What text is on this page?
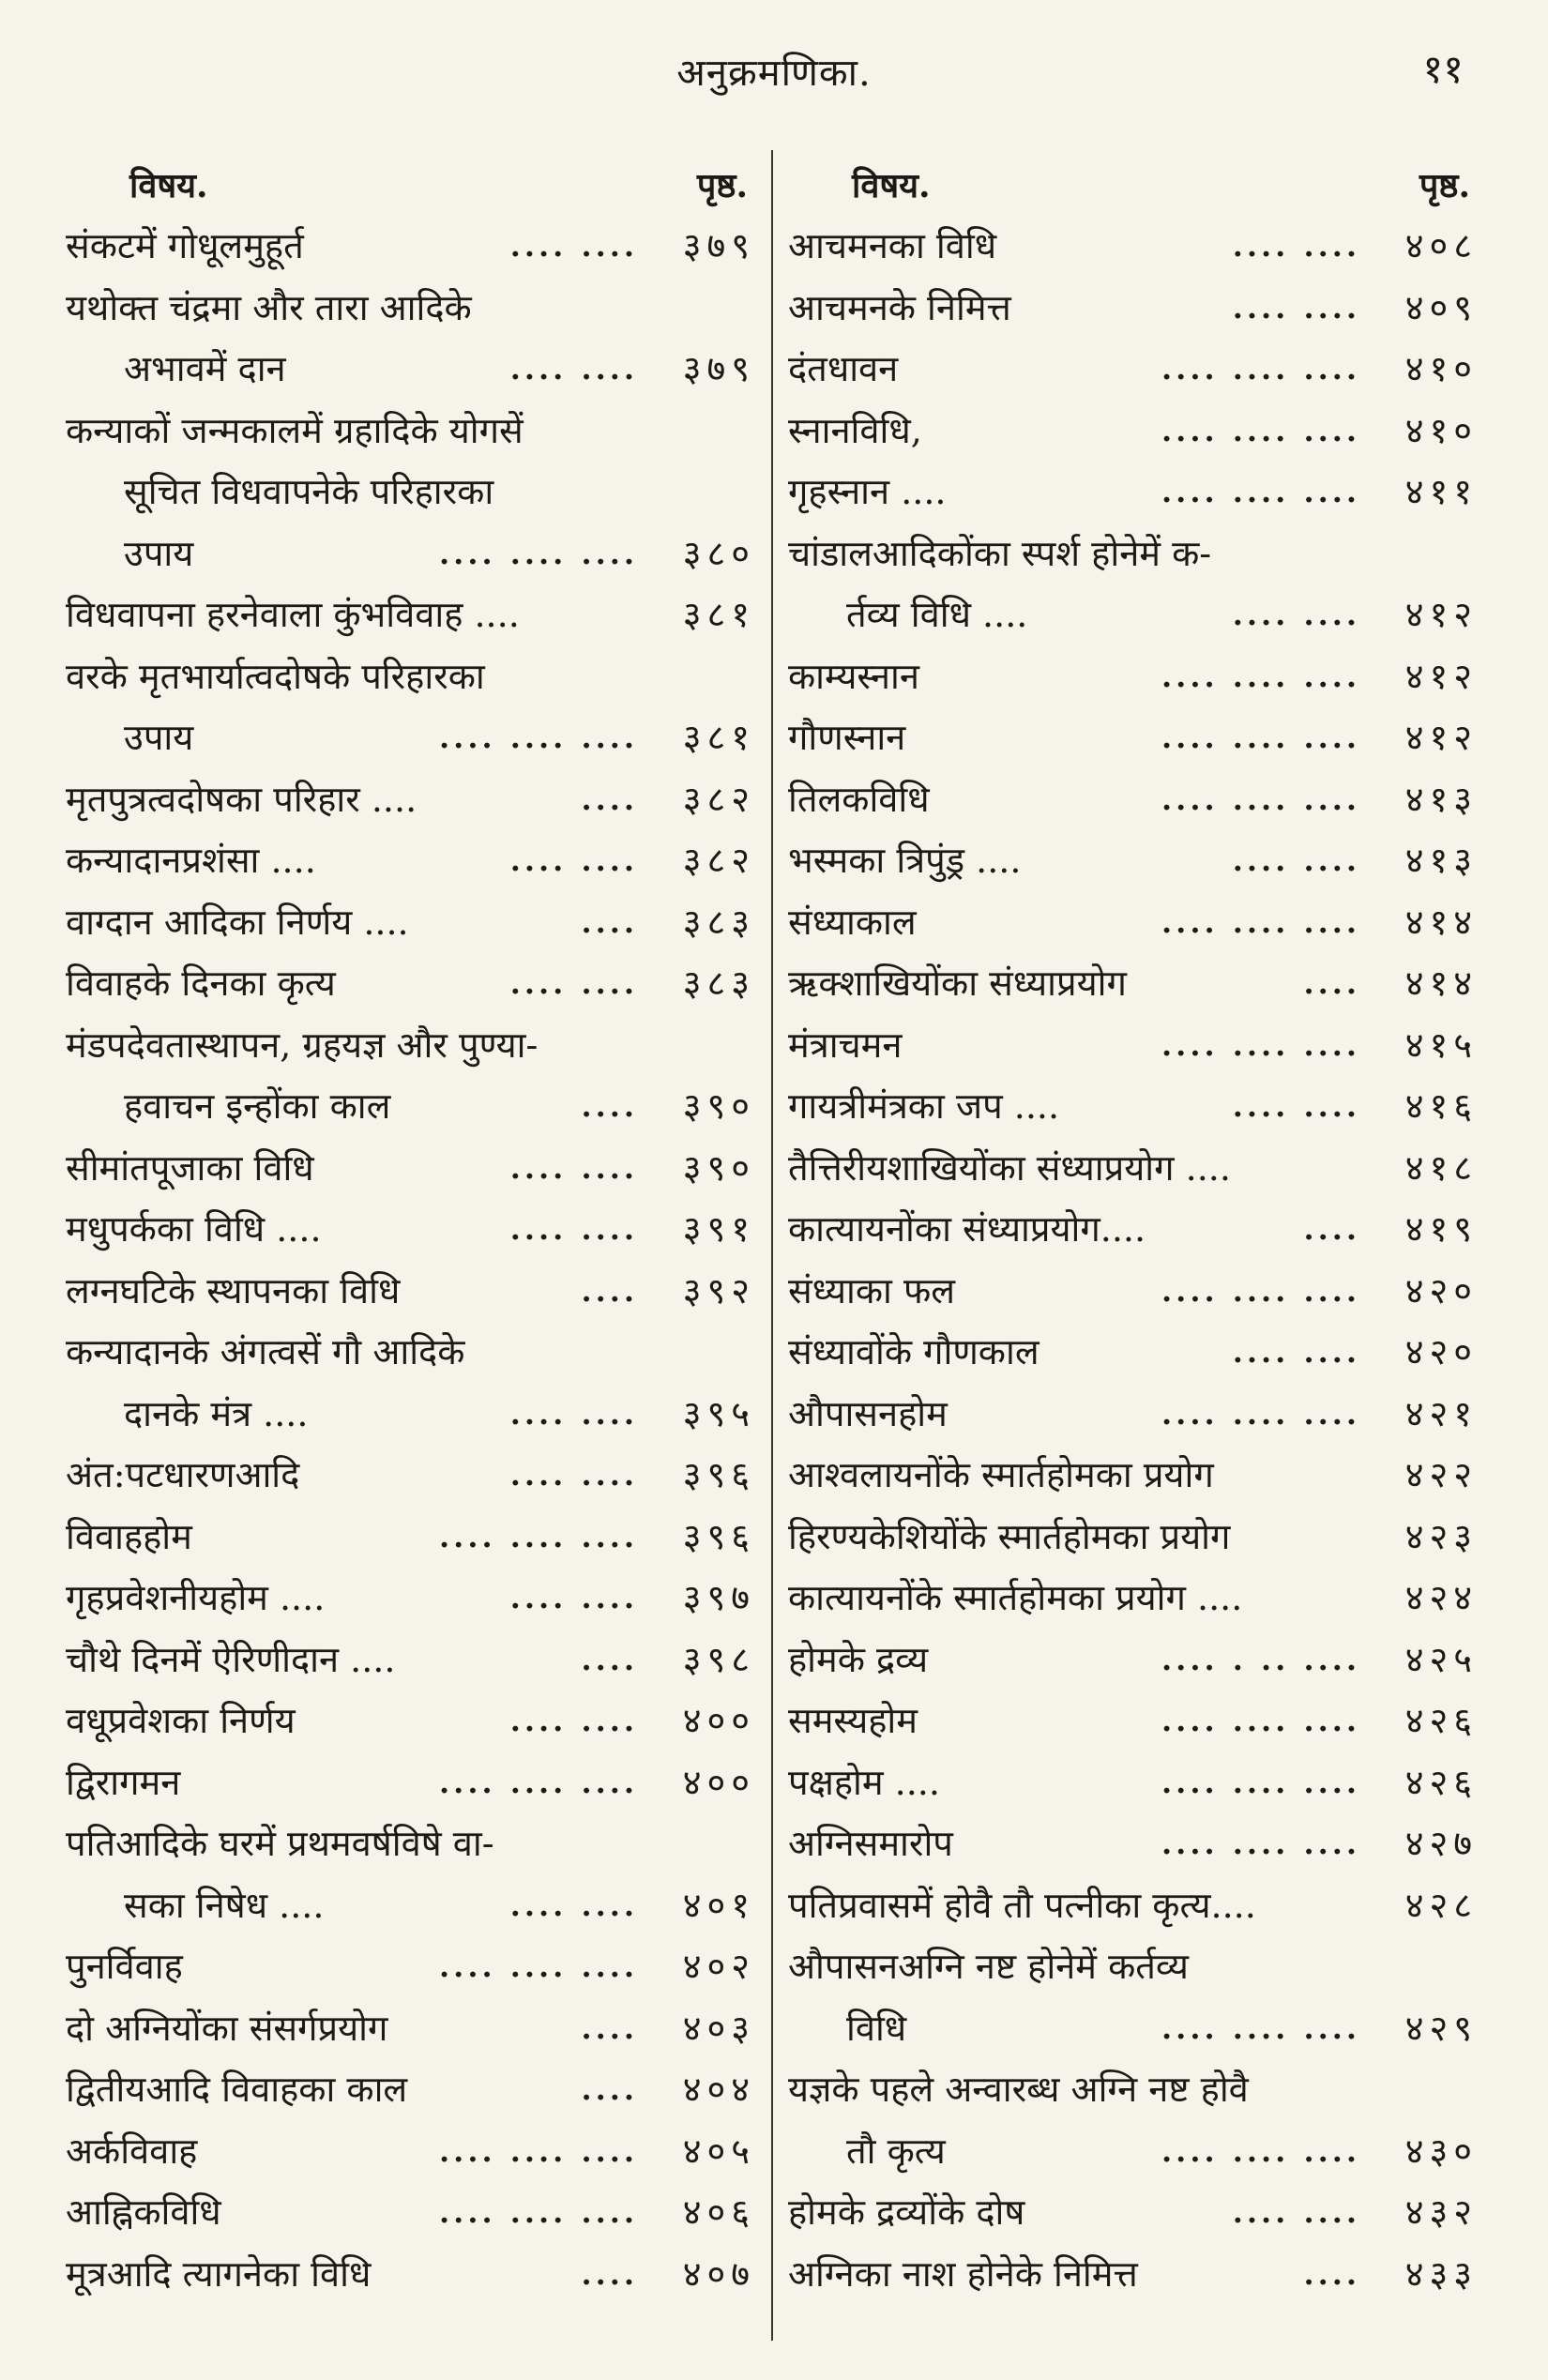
अनुक्रमणिका.	११
विषय.	पृष्ठ.
संकटमें गोधूलमुहूर्त	.... ....	३७९
यथोक्त चंद्रमा और तारा आदिके
अभावमें दान	.... ....	३७९
कन्याकों जन्मकालमें ग्रहादिके योगसें
सूचित विधवापनेके परिहारका
उपाय	.... .... ....	३८०
विधवापना हरनेवाला कुंभविवाह ....	३८१
वरके मृतभार्यात्वदोषके परिहारका
उपाय	.... .... ....	३८१
मृतपुत्रत्वदोषका परिहार ....	....	३८२
कन्यादानप्रशंसा ....	.... ....	३८२
वाग्दान आदिका निर्णय ....	....	३८३
विवाहके दिनका कृत्य	.... ....	३८३
मंडपदेवतास्थापन, ग्रहयज्ञ और पुण्या-
हवाचन इन्होंका काल	....	३९०
सीमांतपूजाका विधि	.... ....	३९०
मधुपर्कका विधि ....	.... ....	३९१
लग्नघटिके स्थापनका विधि	....	३९२
कन्यादानके अंगत्वसें गौ आदिके
दानके मंत्र ....	.... ....	३९५
अंत:पटधारणआदि	.... ....	३९६
विवाहहोम	.... .... ....	३९६
गृहप्रवेशनीयहोम ....	.... ....	३९७
चौथे दिनमें ऐरिणीदान ....	....	३९८
वधूप्रवेशका निर्णय	.... ....	४००
द्विरागमन	.... .... ....	४००
पतिआदिके घरमें प्रथमवर्षविषे वा-
सका निषेध ....	.... ....	४०१
पुनर्विवाह	.... .... ....	४०२
दो अग्नियोंका संसर्गप्रयोग	....	४०३
द्वितीयआदि विवाहका काल	....	४०४
अर्कविवाह	.... .... ....	४०५
आह्निकविधि	.... .... ....	४०६
मूत्रआदि त्यागनेका विधि	....	४०७
विषय.	पृष्ठ.
आचमनका विधि	.... ....	४०८
आचमनके निमित्त	.... ....	४०९
दंतधावन	.... .... ....	४१०
स्नानविधि,	.... .... ....	४१०
गृहस्नान ....	.... .... ....	४११
चांडालआदिकोंका स्पर्श होनेमें क-
र्तव्य विधि ....	.... ....	४१२
काम्यस्नान	.... .... ....	४१२
गौणस्नान	.... .... ....	४१२
तिलकविधि	.... .... ....	४१३
भस्मका त्रिपुंड्र ....	.... ....	४१३
संध्याकाल	.... .... ....	४१४
ऋक्शाखियोंका संध्याप्रयोग	....	४१४
मंत्राचमन	.... .... ....	४१५
गायत्रीमंत्रका जप ....	.... ....	४१६
तैत्तिरीयशाखियोंका संध्याप्रयोग ....	४१८
कात्यायनोंका संध्याप्रयोग....	....	४१९
संध्याका फल	.... .... ....	४२०
संध्यावोंके गौणकाल	.... ....	४२०
औपासनहोम	.... .... ....	४२१
आश्वलायनोंके स्मार्तहोमका प्रयोग	४२२
हिरण्यकेशियोंके स्मार्तहोमका प्रयोग	४२३
कात्यायनोंके स्मार्तहोमका प्रयोग ....	४२४
होमके द्रव्य	.... . .. ....	४२५
समस्यहोम	.... .... ....	४२६
पक्षहोम ....	.... .... ....	४२६
अग्निसमारोप	.... .... ....	४२७
पतिप्रवासमें होवै तौ पत्नीका कृत्य....	४२८
औपासनअग्नि नष्ट होनेमें कर्तव्य
विधि	.... .... ....	४२९
यज्ञके पहले अन्वारब्ध अग्नि नष्ट होवै
तौ कृत्य	.... .... ....	४३०
होमके द्रव्योंके दोष	.... ....	४३२
अग्निका नाश होनेके निमित्त	....	४३३
